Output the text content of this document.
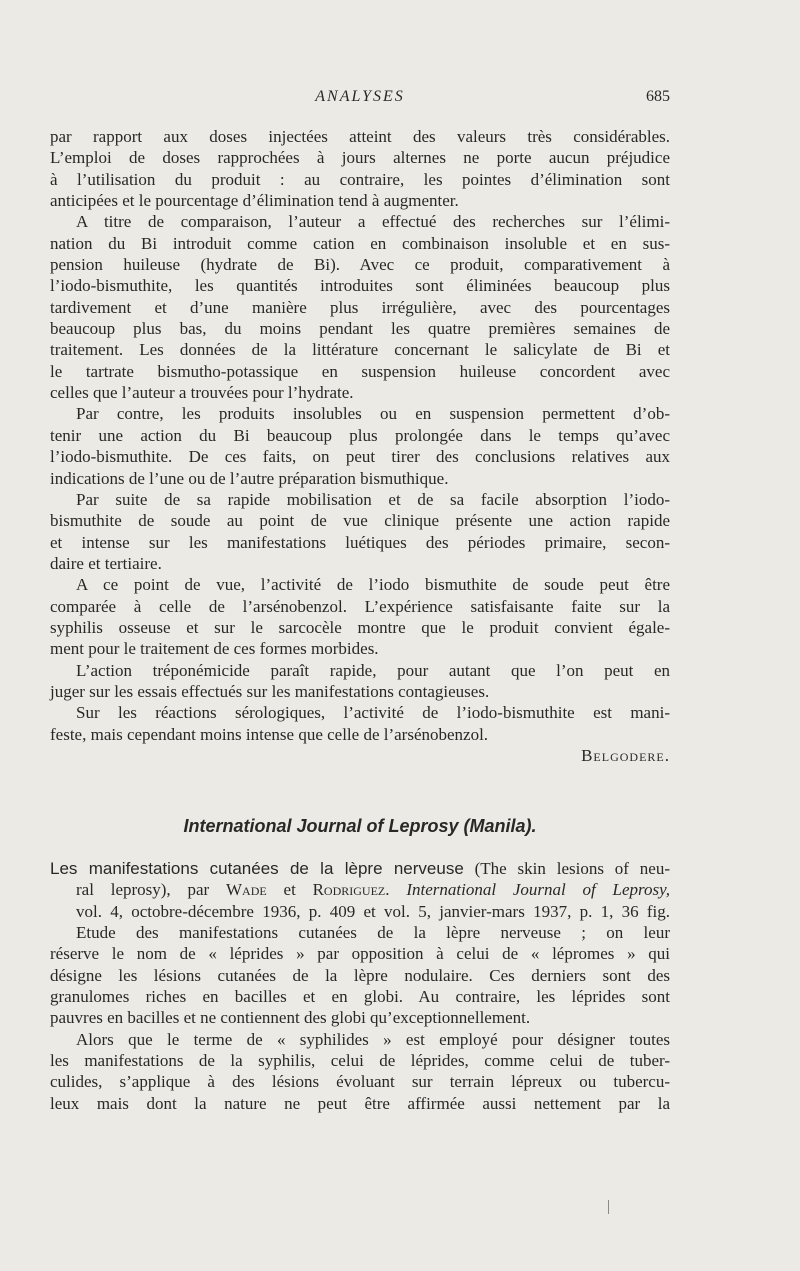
ANALYSES	685
par rapport aux doses injectées atteint des valeurs très considérables.
L’emploi de doses rapprochées à jours alternes ne porte aucun préjudice
à l’utilisation du produit : au contraire, les pointes d’élimination sont
anticipées et le pourcentage d’élimination tend à augmenter.
A titre de comparaison, l’auteur a effectué des recherches sur l’élimi-
nation du Bi introduit comme cation en combinaison insoluble et en sus-
pension huileuse (hydrate de Bi). Avec ce produit, comparativement à
l’iodo-bismuthite, les quantités introduites sont éliminées beaucoup plus
tardivement et d’une manière plus irrégulière, avec des pourcentages
beaucoup plus bas, du moins pendant les quatre premières semaines de
traitement. Les données de la littérature concernant le salicylate de Bi et
le tartrate bismutho-potassique en suspension huileuse concordent avec
celles que l’auteur a trouvées pour l’hydrate.
Par contre, les produits insolubles ou en suspension permettent d’ob-
tenir une action du Bi beaucoup plus prolongée dans le temps qu’avec
l’iodo-bismuthite. De ces faits, on peut tirer des conclusions relatives aux
indications de l’une ou de l’autre préparation bismuthique.
Par suite de sa rapide mobilisation et de sa facile absorption l’iodo-
bismuthite de soude au point de vue clinique présente une action rapide
et intense sur les manifestations luétiques des périodes primaire, secon-
daire et tertiaire.
A ce point de vue, l’activité de l’iodo bismuthite de soude peut être
comparée à celle de l’arsénobenzol. L’expérience satisfaisante faite sur la
syphilis osseuse et sur le sarcocèle montre que le produit convient égale-
ment pour le traitement de ces formes morbides.
L’action tréponémicide paraît rapide, pour autant que l’on peut en
juger sur les essais effectués sur les manifestations contagieuses.
Sur les réactions sérologiques, l’activité de l’iodo-bismuthite est mani-
feste, mais cependant moins intense que celle de l’arsénobenzol.
Belgodere.
International Journal of Leprosy (Manila).
Les manifestations cutanées de la lèpre nerveuse (The skin lesions of neu-
ral leprosy), par Wade et Rodriguez. International Journal of Leprosy,
vol. 4, octobre-décembre 1936, p. 409 et vol. 5, janvier-mars 1937, p. 1, 36 fig.
Etude des manifestations cutanées de la lèpre nerveuse ; on leur
réserve le nom de « léprides » par opposition à celui de « lépromes » qui
désigne les lésions cutanées de la lèpre nodulaire. Ces derniers sont des
granulomes riches en bacilles et en globi. Au contraire, les léprides sont
pauvres en bacilles et ne contiennent des globi qu’exceptionnellement.
Alors que le terme de « syphilides » est employé pour désigner toutes
les manifestations de la syphilis, celui de léprides, comme celui de tuber-
culides, s’applique à des lésions évoluant sur terrain lépreux ou tubercu-
leux mais dont la nature ne peut être affirmée aussi nettement par la
